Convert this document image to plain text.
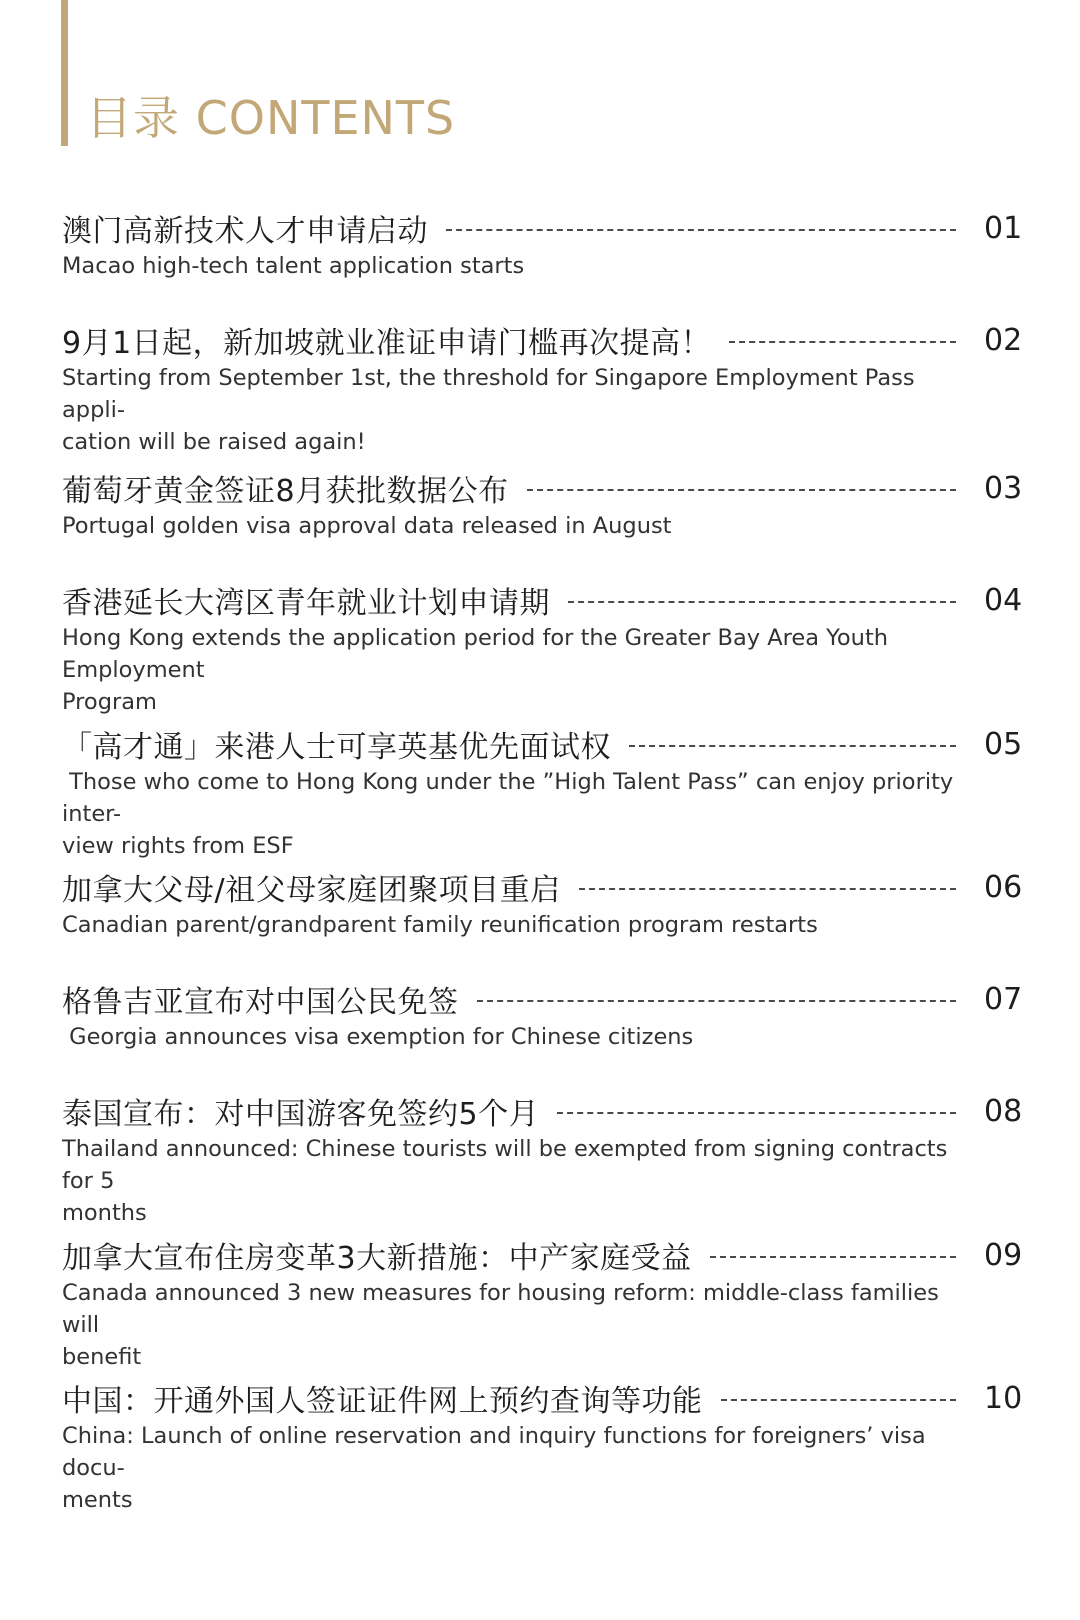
目录 CONTENTS
澳门高新技术人才申请启动	01
Macao high-tech talent application starts
9月1日起，新加坡就业准证申请门槛再次提高！	02
Starting from September 1st, the threshold for Singapore Employment Pass appli-
cation will be raised again!
葡萄牙黄金签证8月获批数据公布	03
Portugal golden visa approval data released in August
香港延长大湾区青年就业计划申请期	04
Hong Kong extends the application period for the Greater Bay Area Youth Employment
Program
「高才通」来港人士可享英基优先面试权	05
Those who come to Hong Kong under the ”High Talent Pass” can enjoy priority inter-
view rights from ESF
加拿大父母/祖父母家庭团聚项目重启	06
Canadian parent/grandparent family reunification program restarts
格鲁吉亚宣布对中国公民免签	07
Georgia announces visa exemption for Chinese citizens
泰国宣布：对中国游客免签约5个月	08
Thailand announced: Chinese tourists will be exempted from signing contracts for 5
months
加拿大宣布住房变革3大新措施：中产家庭受益	09
Canada announced 3 new measures for housing reform: middle-class families will
benefit
中国：开通外国人签证证件网上预约查询等功能	10
China: Launch of online reservation and inquiry functions for foreigners’ visa docu-
ments
